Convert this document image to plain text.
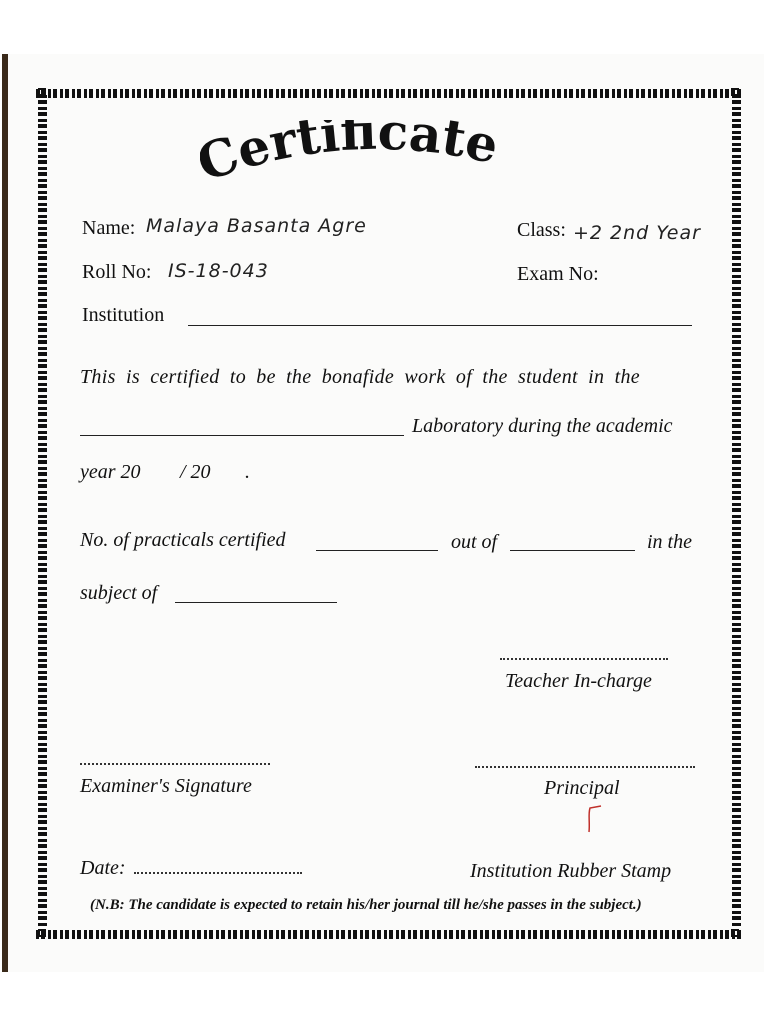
Certificate
Name: Malaya Basanta Agre	Class: +2 2nd Year
Roll No: IS-18-043	Exam No:
Institution
This is certified to be the bonafide work of the student in the
Laboratory during the academic
year 20 / 20 .
No. of practicals certified	out of	in the
subject of
Teacher In-charge
Examiner's Signature	Principal
Date:	Institution Rubber Stamp
(N.B: The candidate is expected to retain his/her journal till he/she passes in the subject.)
